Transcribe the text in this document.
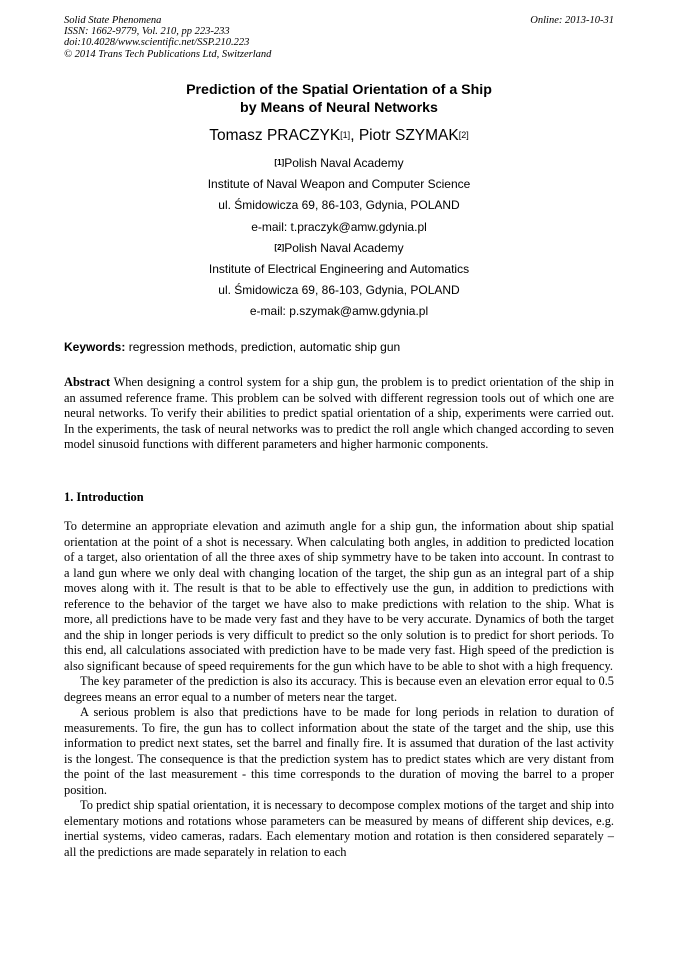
Solid State Phenomena
ISSN: 1662-9779, Vol. 210, pp 223-233
doi:10.4028/www.scientific.net/SSP.210.223
© 2014 Trans Tech Publications Ltd, Switzerland
Online: 2013-10-31
Prediction of the Spatial Orientation of a Ship
by Means of Neural Networks
Tomasz PRACZYK[1], Piotr SZYMAK[2]
[1]Polish Naval Academy
Institute of Naval Weapon and Computer Science
ul. Śmidowicza 69, 86-103, Gdynia, POLAND
e-mail: t.praczyk@amw.gdynia.pl
[2]Polish Naval Academy
Institute of Electrical Engineering and Automatics
ul. Śmidowicza 69, 86-103, Gdynia, POLAND
e-mail: p.szymak@amw.gdynia.pl
Keywords: regression methods, prediction, automatic ship gun
Abstract When designing a control system for a ship gun, the problem is to predict orientation of the ship in an assumed reference frame. This problem can be solved with different regression tools out of which one are neural networks. To verify their abilities to predict spatial orientation of a ship, experiments were carried out. In the experiments, the task of neural networks was to predict the roll angle which changed according to seven model sinusoid functions with different parameters and higher harmonic components.
1. Introduction

To determine an appropriate elevation and azimuth angle for a ship gun, the information about ship spatial orientation at the point of a shot is necessary. When calculating both angles, in addition to predicted location of a target, also orientation of all the three axes of ship symmetry have to be taken into account. In contrast to a land gun where we only deal with changing location of the target, the ship gun as an integral part of a ship moves along with it. The result is that to be able to effectively use the gun, in addition to predictions with reference to the behavior of the target we have also to make predictions with relation to the ship. What is more, all predictions have to be made very fast and they have to be very accurate. Dynamics of both the target and the ship in longer periods is very difficult to predict so the only solution is to predict for short periods. To this end, all calculations associated with prediction have to be made very fast. High speed of the prediction is also significant because of speed requirements for the gun which have to be able to shot with a high frequency.

The key parameter of the prediction is also its accuracy. This is because even an elevation error equal to 0.5 degrees means an error equal to a number of meters near the target.

A serious problem is also that predictions have to be made for long periods in relation to duration of measurements. To fire, the gun has to collect information about the state of the target and the ship, use this information to predict next states, set the barrel and finally fire. It is assumed that duration of the last activity is the longest. The consequence is that the prediction system has to predict states which are very distant from the point of the last measurement - this time corresponds to the duration of moving the barrel to a proper position.

To predict ship spatial orientation, it is necessary to decompose complex motions of the target and ship into elementary motions and rotations whose parameters can be measured by means of different ship devices, e.g. inertial systems, video cameras, radars. Each elementary motion and rotation is then considered separately – all the predictions are made separately in relation to each
